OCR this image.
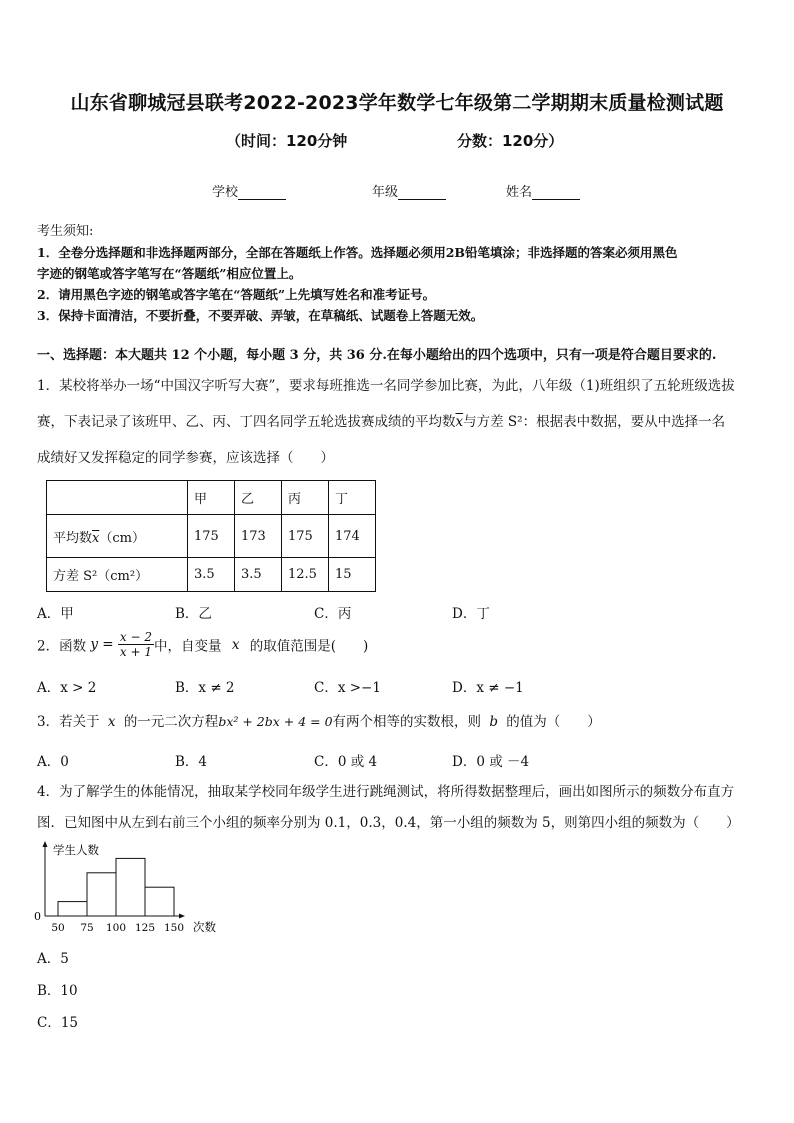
山东省聊城冠县联考2022-2023学年数学七年级第二学期期末质量检测试题
（时间：120分钟	分数：120分）
学校	年级	姓名
考生须知:
1．全卷分选择题和非选择题两部分，全部在答题纸上作答。选择题必须用2B铅笔填涂；非选择题的答案必须用黑色
字迹的钢笔或答字笔写在“答题纸”相应位置上。
2．请用黑色字迹的钢笔或答字笔在“答题纸”上先填写姓名和准考证号。
3．保持卡面清洁，不要折叠，不要弄破、弄皱，在草稿纸、试题卷上答题无效。
一、选择题：本大题共 12 个小题，每小题 3 分，共 36 分.在每小题给出的四个选项中，只有一项是符合题目要求的.
1．某校将举办一场“中国汉字听写大赛”，要求每班推选一名同学参加比赛，为此，八年级（1)班组织了五轮班级选拔
赛，下表记录了该班甲、乙、丙、丁四名同学五轮选拔赛成绩的平均数$\overline{x}$与方差 S²：根据表中数据，要从中选择一名
成绩好又发挥稳定的同学参赛，应该选择（　　）
	甲	乙	丙	丁
平均数$\overline{x}(cm)$	175	173	175	174
方差 S²（cm²）	3.5	3.5	12.5	15
A．甲	B．乙	C．丙	D．丁
2．函数 $y = \frac{x - 2}{x + 1}$中，自变量 x 的取值范围是(　　)
A．x > 2	B．x ≠ 2	C．x >−1	D．x ≠ −1
3．若关于 x 的一元二次方程bx² + 2bx + 4 = 0有两个相等的实数根，则 b 的值为（　　）
A．0	B．4	C．0 或 4	D．0 或 －4
4．为了解学生的体能情况，抽取某学校同年级学生进行跳绳测试，将所得数据整理后，画出如图所示的频数分布直方
图．已知图中从左到右前三个小组的频率分别为 0.1，0.3，0.4，第一小组的频数为 5，则第四小组的频数为（　　）
50 75 100 125 150
学生人数
次数
0
A．5
B．10
C．15
